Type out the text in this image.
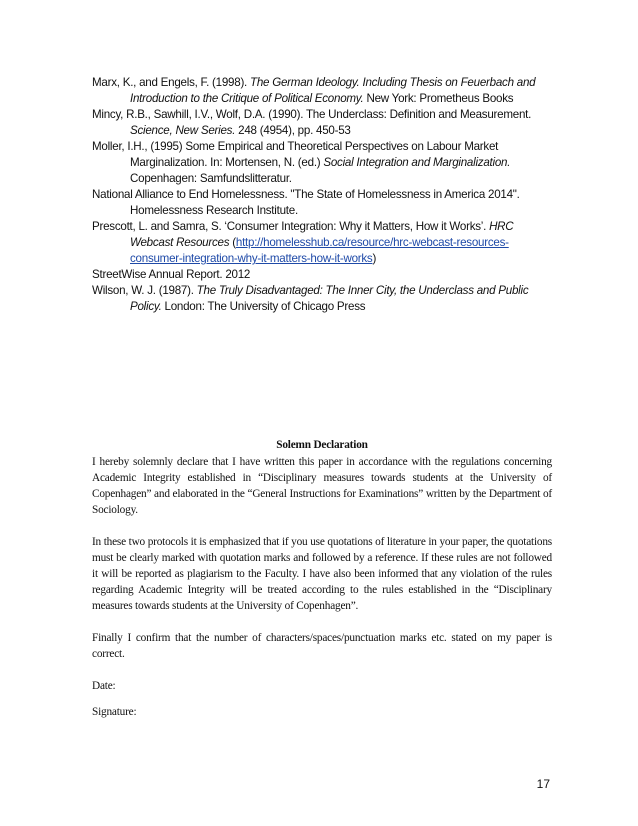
Marx, K., and Engels, F. (1998). The German Ideology. Including Thesis on Feuerbach and Introduction to the Critique of Political Economy. New York: Prometheus Books

Mincy, R.B., Sawhill, I.V., Wolf, D.A. (1990). The Underclass: Definition and Measurement. Science, New Series. 248 (4954), pp. 450-53

Moller, I.H., (1995) Some Empirical and Theoretical Perspectives on Labour Market Marginalization. In: Mortensen, N. (ed.) Social Integration and Marginalization. Copenhagen: Samfundslitteratur.

National Alliance to End Homelessness. "The State of Homelessness in America 2014". Homelessness Research Institute.

Prescott, L. and Samra, S. ‘Consumer Integration: Why it Matters, How it Works’. HRC Webcast Resources (http://homelesshub.ca/resource/hrc-webcast-resources-consumer-integration-why-it-matters-how-it-works)

StreetWise Annual Report. 2012

Wilson, W. J. (1987). The Truly Disadvantaged: The Inner City, the Underclass and Public Policy. London: The University of Chicago Press

Solemn Declaration

I hereby solemnly declare that I have written this paper in accordance with the regulations concerning Academic Integrity established in “Disciplinary measures towards students at the University of Copenhagen” and elaborated in the “General Instructions for Examinations” written by the Department of Sociology.

In these two protocols it is emphasized that if you use quotations of literature in your paper, the quotations must be clearly marked with quotation marks and followed by a reference. If these rules are not followed it will be reported as plagiarism to the Faculty. I have also been informed that any violation of the rules regarding Academic Integrity will be treated according to the rules established in the “Disciplinary measures towards students at the University of Copenhagen”.

Finally I confirm that the number of characters/spaces/punctuation marks etc. stated on my paper is correct.

Date:

Signature:

17
